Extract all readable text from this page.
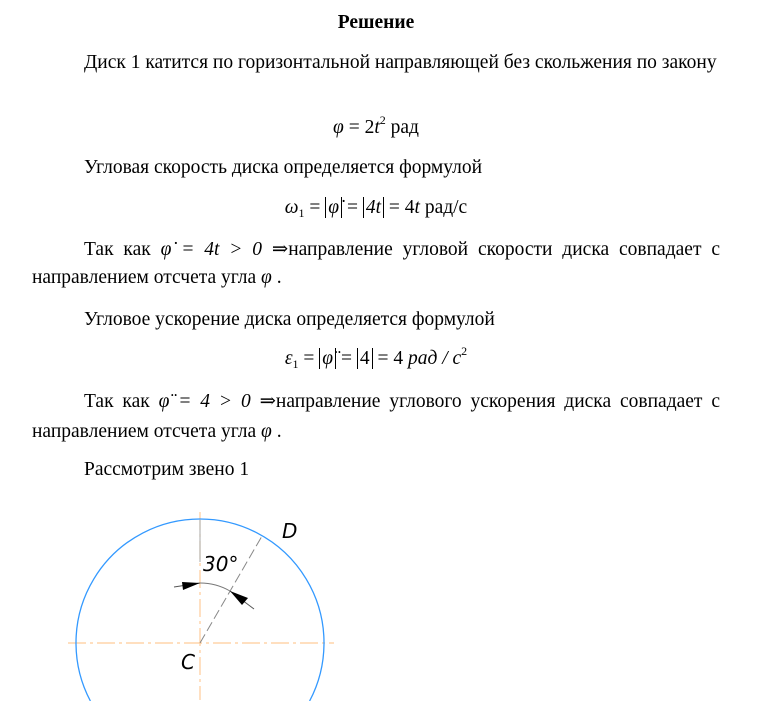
Решение
Диск 1 катится по горизонтальной направляющей без скольжения по закону
$\varphi = 2t^2$ рад
Угловая скорость диска определяется формулой
$\omega_1$ = φ̇ = 4t = 4t рад/с
Так как φ̇ = 4t > 0 ⇒направление угловой скорости диска совпадает с
направлением отсчета угла φ .
Угловое ускорение диска определяется формулой
$\varepsilon_1$ = φ̈ = 4 = 4 рад / $с^2$
Так как φ̈ = 4 > 0 ⇒направление углового ускорения диска совпадает с
направлением отсчета угла φ .
Рассмотрим звено 1
30°
D
C
